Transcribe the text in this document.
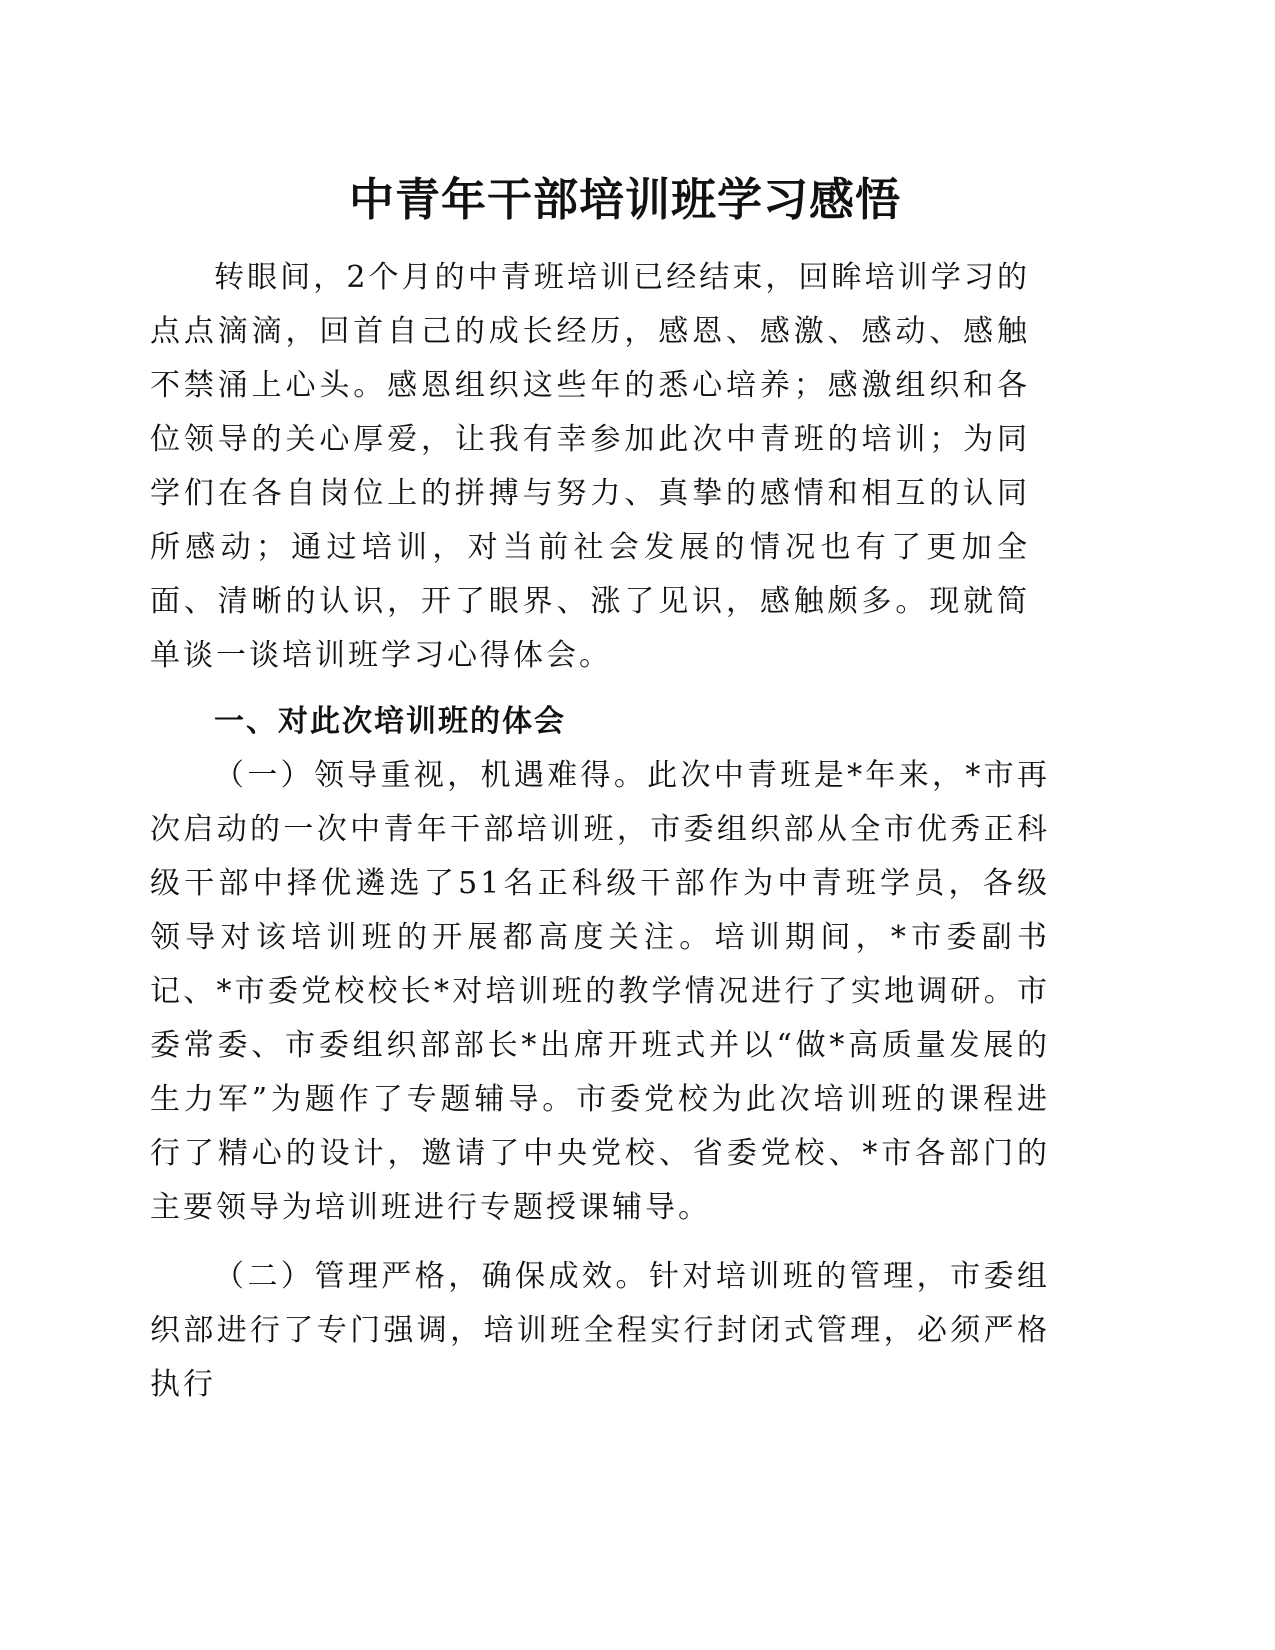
中青年干部培训班学习感悟

转眼间，2个月的中青班培训已经结束，回眸培训学习的点点滴滴，回首自己的成长经历，感恩、感激、感动、感触不禁涌上心头。感恩组织这些年的悉心培养；感激组织和各位领导的关心厚爱，让我有幸参加此次中青班的培训；为同学们在各自岗位上的拼搏与努力、真挚的感情和相互的认同所感动；通过培训，对当前社会发展的情况也有了更加全面、清晰的认识，开了眼界、涨了见识，感触颇多。现就简单谈一谈培训班学习心得体会。

一、对此次培训班的体会

（一）领导重视，机遇难得。此次中青班是*年来，*市再次启动的一次中青年干部培训班，市委组织部从全市优秀正科级干部中择优遴选了51名正科级干部作为中青班学员，各级领导对该培训班的开展都高度关注。培训期间，*市委副书记、*市委党校校长*对培训班的教学情况进行了实地调研。市委常委、市委组织部部长*出席开班式并以“做*高质量发展的生力军”为题作了专题辅导。市委党校为此次培训班的课程进行了精心的设计，邀请了中央党校、省委党校、*市各部门的主要领导为培训班进行专题授课辅导。

（二）管理严格，确保成效。针对培训班的管理，市委组织部进行了专门强调，培训班全程实行封闭式管理，必须严格执行
